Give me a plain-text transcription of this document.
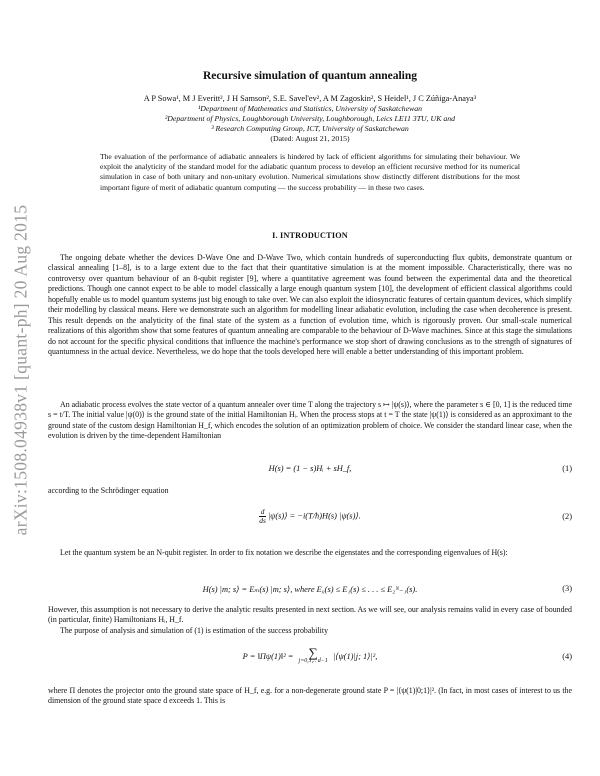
arXiv:1508.04938v1 [quant-ph] 20 Aug 2015
Recursive simulation of quantum annealing
A P Sowa¹, M J Everitt², J H Samson², S.E. Savel'ev², A M Zagoskin², S Heidel¹, J C Zúñiga-Anaya³
¹Department of Mathematics and Statistics, University of Saskatchewan
²Department of Physics, Loughborough University, Loughborough, Leics LE11 3TU, UK and
³ Research Computing Group, ICT, University of Saskatchewan
(Dated: August 21, 2015)
The evaluation of the performance of adiabatic annealers is hindered by lack of efficient algorithms for simulating their behaviour. We exploit the analyticity of the standard model for the adiabatic quantum process to develop an efficient recursive method for its numerical simulation in case of both unitary and non-unitary evolution. Numerical simulations show distinctly different distributions for the most important figure of merit of adiabatic quantum computing — the success probability — in these two cases.
I. INTRODUCTION
The ongoing debate whether the devices D-Wave One and D-Wave Two, which contain hundreds of superconducting flux qubits, demonstrate quantum or classical annealing [1–8], is to a large extent due to the fact that their quantitative simulation is at the moment impossible. Characteristically, there was no controversy over quantum behaviour of an 8-qubit register [9], where a quantitative agreement was found between the experimental data and the theoretical predictions. Though one cannot expect to be able to model classically a large enough quantum system [10], the development of efficient classical algorithms could hopefully enable us to model quantum systems just big enough to take over. We can also exploit the idiosyncratic features of certain quantum devices, which simplify their modelling by classical means. Here we demonstrate such an algorithm for modelling linear adiabatic evolution, including the case when decoherence is present. This result depends on the analyticity of the final state of the system as a function of evolution time, which is rigorously proven. Our small-scale numerical realizations of this algorithm show that some features of quantum annealing are comparable to the behaviour of D-Wave machines. Since at this stage the simulations do not account for the specific physical conditions that influence the machine's performance we stop short of drawing conclusions as to the strength of signatures of quantumness in the actual device. Nevertheless, we do hope that the tools developed here will enable a better understanding of this important problem.
An adiabatic process evolves the state vector of a quantum annealer over time T along the trajectory s ↦ |ψ(s)⟩, where the parameter s ∈ [0, 1] is the reduced time s = t/T. The initial value |ψ(0)⟩ is the ground state of the initial Hamiltonian Hᵢ. When the process stops at t = T the state |ψ(1)⟩ is considered as an approximant to the ground state of the custom design Hamiltonian H_f, which encodes the solution of an optimization problem of choice. We consider the standard linear case, when the evolution is driven by the time-dependent Hamiltonian
H(s) = (1 − s)Hᵢ + sH_f,	(1)
according to the Schrödinger equation
$\frac{d}{ds}$ |ψ(s)⟩ = −i(T/ħ)H(s) |ψ(s)⟩.	(2)
Let the quantum system be an N-qubit register. In order to fix notation we describe the eigenstates and the corresponding eigenvalues of H(s):
H(s) |m; s⟩ = Eₘ(s) |m; s⟩, where E₀(s) ≤ E₁(s) ≤ . . . ≤ E₂ᴺ₋₁(s).	(3)
However, this assumption is not necessary to derive the analytic results presented in next section. As we will see, our analysis remains valid in every case of bounded (in particular, finite) Hamiltonians Hᵢ, H_f.
The purpose of analysis and simulation of (1) is estimation of the success probability
P = ‖Πψ(1)‖² =	∑
j=0,1,.. d−1
|⟨ψ(1)|j; 1⟩|²,	(4)
where Π denotes the projector onto the ground state space of H_f, e.g. for a non-degenerate ground state P = |⟨ψ(1)|0;1⟩|². (In fact, in most cases of interest to us the dimension of the ground state space d exceeds 1. This is
